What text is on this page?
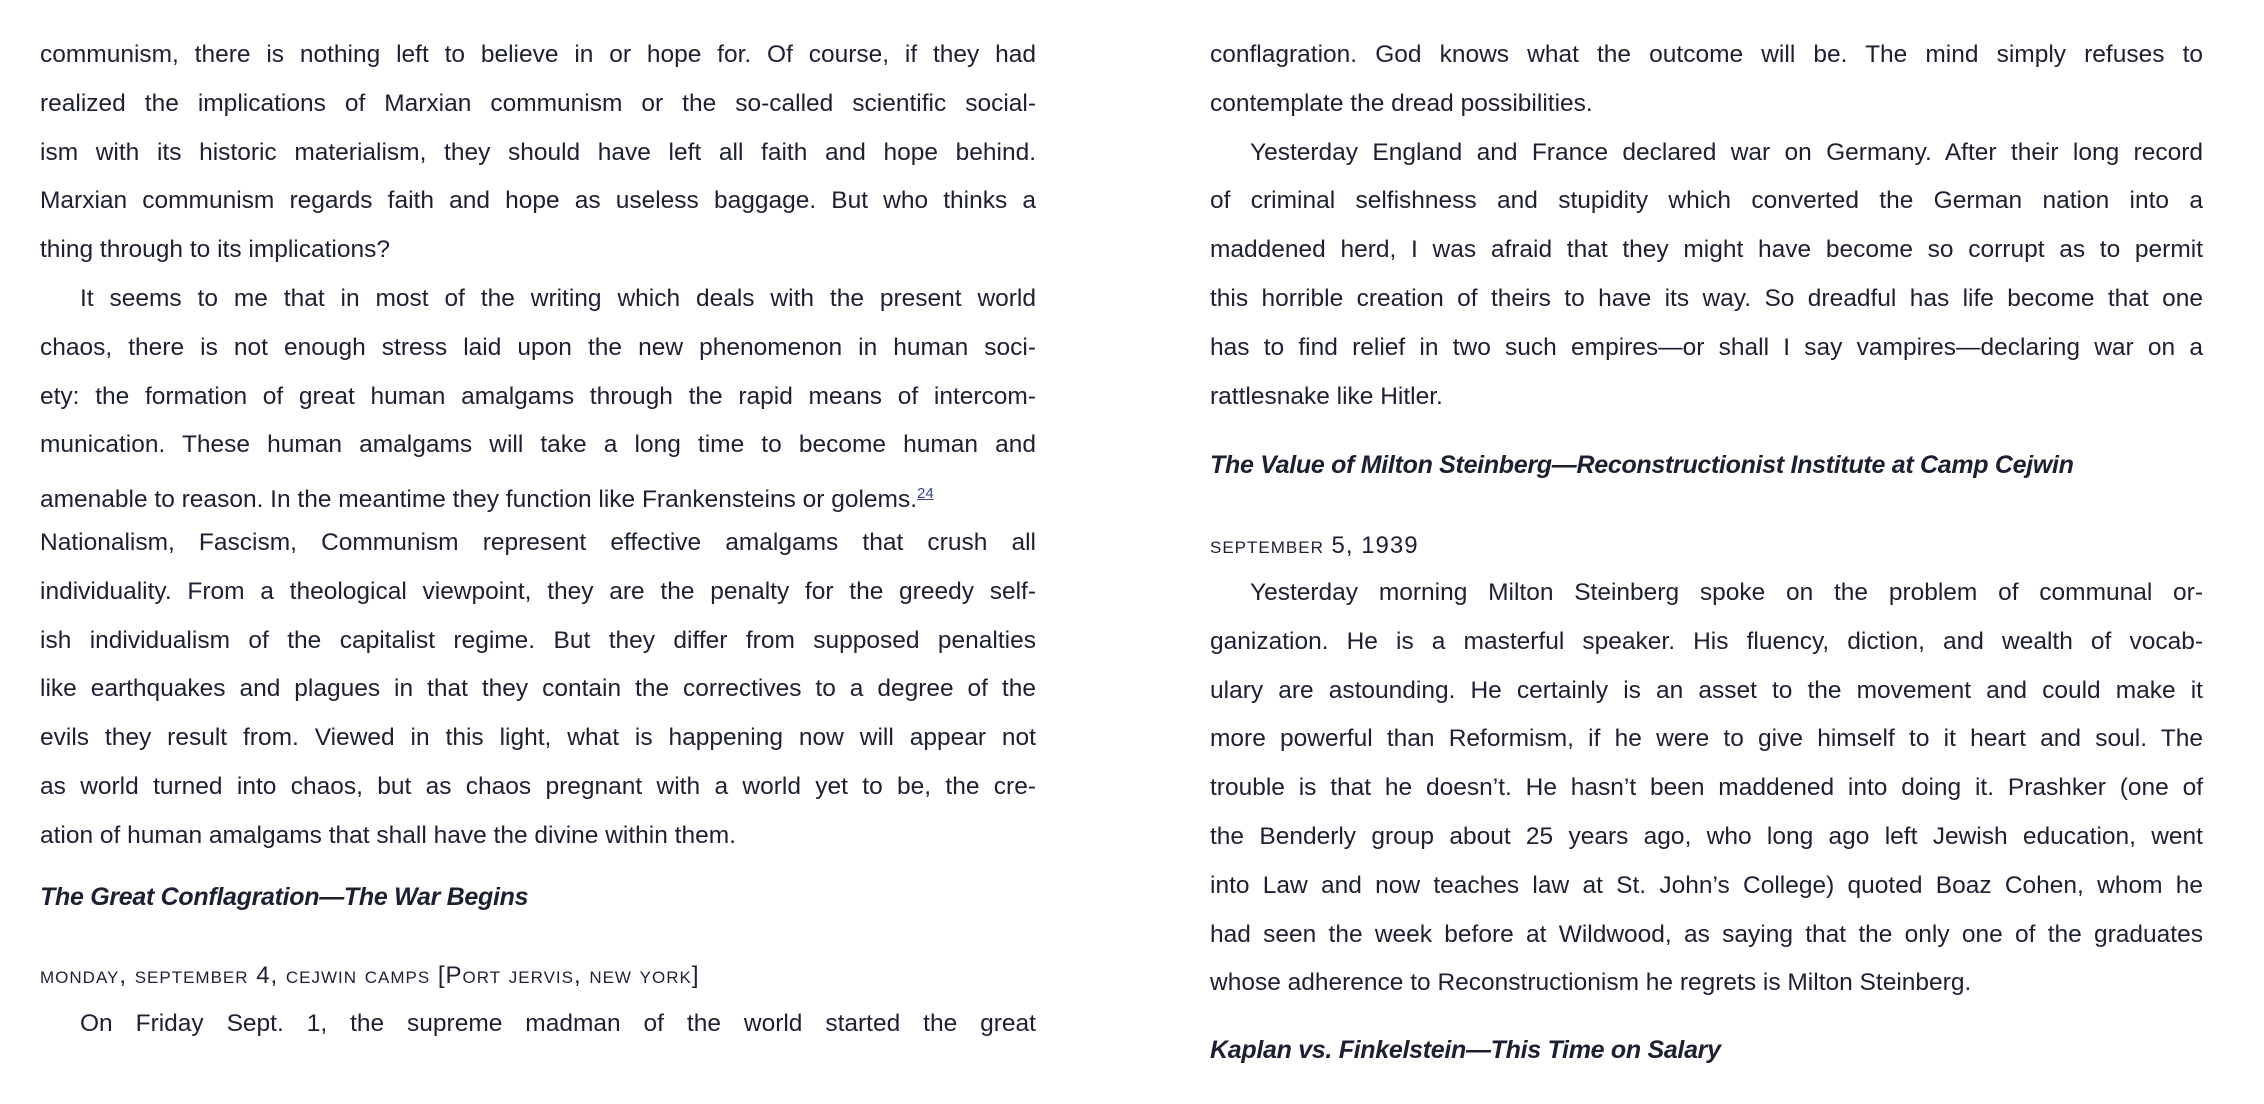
communism, there is nothing left to believe in or hope for. Of course, if they had
realized the implications of Marxian communism or the so-called scientific social-
ism with its historic materialism, they should have left all faith and hope behind.
Marxian communism regards faith and hope as useless baggage. But who thinks a
thing through to its implications?
It seems to me that in most of the writing which deals with the present world
chaos, there is not enough stress laid upon the new phenomenon in human soci-
ety: the formation of great human amalgams through the rapid means of intercom-
munication. These human amalgams will take a long time to become human and
amenable to reason. In the meantime they function like Frankensteins or golems.$^{24}$
Nationalism, Fascism, Communism represent effective amalgams that crush all
individuality. From a theological viewpoint, they are the penalty for the greedy self-
ish individualism of the capitalist regime. But they differ from supposed penalties
like earthquakes and plagues in that they contain the correctives to a degree of the
evils they result from. Viewed in this light, what is happening now will appear not
as world turned into chaos, but as chaos pregnant with a world yet to be, the cre-
ation of human amalgams that shall have the divine within them.
The Great Conflagration—The War Begins
monday, september 4, cejwin camps [Port jervis, new york]
On Friday Sept. 1, the supreme madman of the world started the great
conflagration. God knows what the outcome will be. The mind simply refuses to
contemplate the dread possibilities.
Yesterday England and France declared war on Germany. After their long record
of criminal selfishness and stupidity which converted the German nation into a
maddened herd, I was afraid that they might have become so corrupt as to permit
this horrible creation of theirs to have its way. So dreadful has life become that one
has to find relief in two such empires—or shall I say vampires—declaring war on a
rattlesnake like Hitler.
The Value of Milton Steinberg—Reconstructionist Institute at Camp Cejwin
september 5, 1939
Yesterday morning Milton Steinberg spoke on the problem of communal or-
ganization. He is a masterful speaker. His fluency, diction, and wealth of vocab-
ulary are astounding. He certainly is an asset to the movement and could make it
more powerful than Reformism, if he were to give himself to it heart and soul. The
trouble is that he doesn’t. He hasn’t been maddened into doing it. Prashker (one of
the Benderly group about 25 years ago, who long ago left Jewish education, went
into Law and now teaches law at St. John’s College) quoted Boaz Cohen, whom he
had seen the week before at Wildwood, as saying that the only one of the graduates
whose adherence to Reconstructionism he regrets is Milton Steinberg.
Kaplan vs. Finkelstein—This Time on Salary
